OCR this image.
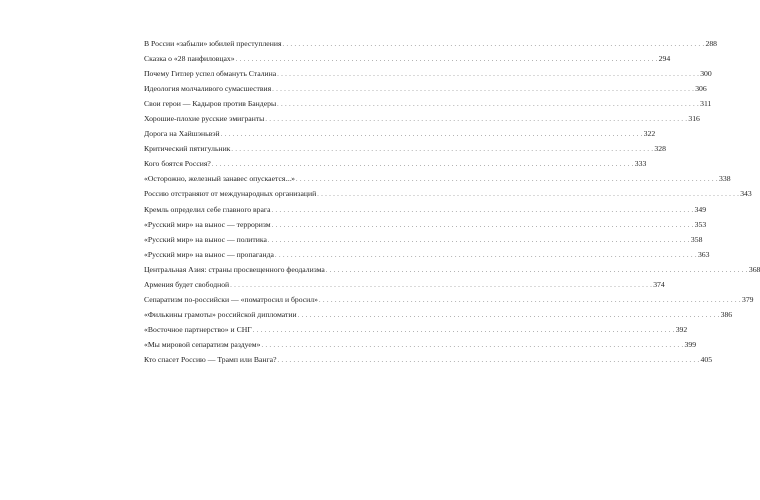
В России «забыли» юбилей преступления . . . . . . . . . . . . . . . . . . . . . . . . . . . . . . . . . . . . . . . . . . . . . . . . . . . . . . . . . . . . . . . . . . . . . . . . . . . . . . . . . . . . . . . . . . . . . . . . . . . . . . . . . . 288
Сказка о «28 панфиловцах» . . . . . . . . . . . . . . . . . . . . . . . . . . . . . . . . . . . . . . . . . . . . . . . . . . . . . . . . . . . . . . . . . . . . . . . . . . . . . . . . . . . . . . . . . . . . . . . . . . . . . . . . . . 294
Почему Гитлер успел обмануть Сталина . . . . . . . . . . . . . . . . . . . . . . . . . . . . . . . . . . . . . . . . . . . . . . . . . . . . . . . . . . . . . . . . . . . . . . . . . . . . . . . . . . . . . . . . . . . . . . . . . . . . . . . . . . 300
Идеология молчаливого сумасшествия . . . . . . . . . . . . . . . . . . . . . . . . . . . . . . . . . . . . . . . . . . . . . . . . . . . . . . . . . . . . . . . . . . . . . . . . . . . . . . . . . . . . . . . . . . . . . . . . . . . . . . . . . . 306
Свои герои — Кадыров против Бандеры . . . . . . . . . . . . . . . . . . . . . . . . . . . . . . . . . . . . . . . . . . . . . . . . . . . . . . . . . . . . . . . . . . . . . . . . . . . . . . . . . . . . . . . . . . . . . . . . . . . . . . . . . . 311
Хорошие-плохие русские эмигранты . . . . . . . . . . . . . . . . . . . . . . . . . . . . . . . . . . . . . . . . . . . . . . . . . . . . . . . . . . . . . . . . . . . . . . . . . . . . . . . . . . . . . . . . . . . . . . . . . . . . . . . . . . 316
Дорога на Хайшэньвэй . . . . . . . . . . . . . . . . . . . . . . . . . . . . . . . . . . . . . . . . . . . . . . . . . . . . . . . . . . . . . . . . . . . . . . . . . . . . . . . . . . . . . . . . . . . . . . . . . . . . . . . . . . 322
Критический пятигульник . . . . . . . . . . . . . . . . . . . . . . . . . . . . . . . . . . . . . . . . . . . . . . . . . . . . . . . . . . . . . . . . . . . . . . . . . . . . . . . . . . . . . . . . . . . . . . . . . . . . . . . . . . 328
Кого боятся Россия? . . . . . . . . . . . . . . . . . . . . . . . . . . . . . . . . . . . . . . . . . . . . . . . . . . . . . . . . . . . . . . . . . . . . . . . . . . . . . . . . . . . . . . . . . . . . . . . . . . . . . . . . . . 333
«Осторожно, железный занавес опускается...» . . . . . . . . . . . . . . . . . . . . . . . . . . . . . . . . . . . . . . . . . . . . . . . . . . . . . . . . . . . . . . . . . . . . . . . . . . . . . . . . . . . . . . . . . . . . . . . . . . . . . . . . . . 338
Россию отстраняют от международных организаций . . . . . . . . . . . . . . . . . . . . . . . . . . . . . . . . . . . . . . . . . . . . . . . . . . . . . . . . . . . . . . . . . . . . . . . . . . . . . . . . . . . . . . . . . . . . . . . . . . . . . . . . . . 343
Кремль определил себе главного врага . . . . . . . . . . . . . . . . . . . . . . . . . . . . . . . . . . . . . . . . . . . . . . . . . . . . . . . . . . . . . . . . . . . . . . . . . . . . . . . . . . . . . . . . . . . . . . . . . . . . . . . . . . 349
«Русский мир» на вынос — терроризм . . . . . . . . . . . . . . . . . . . . . . . . . . . . . . . . . . . . . . . . . . . . . . . . . . . . . . . . . . . . . . . . . . . . . . . . . . . . . . . . . . . . . . . . . . . . . . . . . . . . . . . . . . 353
«Русский мир» на вынос — политика . . . . . . . . . . . . . . . . . . . . . . . . . . . . . . . . . . . . . . . . . . . . . . . . . . . . . . . . . . . . . . . . . . . . . . . . . . . . . . . . . . . . . . . . . . . . . . . . . . . . . . . . . . 358
«Русский мир» на вынос — пропаганда . . . . . . . . . . . . . . . . . . . . . . . . . . . . . . . . . . . . . . . . . . . . . . . . . . . . . . . . . . . . . . . . . . . . . . . . . . . . . . . . . . . . . . . . . . . . . . . . . . . . . . . . . . 363
Центральная Азия: страны просвещенного феодализма . . . . . . . . . . . . . . . . . . . . . . . . . . . . . . . . . . . . . . . . . . . . . . . . . . . . . . . . . . . . . . . . . . . . . . . . . . . . . . . . . . . . . . . . . . . . . . . . . . . . . . . . . . 368
Армения будет свободной . . . . . . . . . . . . . . . . . . . . . . . . . . . . . . . . . . . . . . . . . . . . . . . . . . . . . . . . . . . . . . . . . . . . . . . . . . . . . . . . . . . . . . . . . . . . . . . . . . . . . . . . . . 374
Сепаратизм по-российски — «поматросил и бросил» . . . . . . . . . . . . . . . . . . . . . . . . . . . . . . . . . . . . . . . . . . . . . . . . . . . . . . . . . . . . . . . . . . . . . . . . . . . . . . . . . . . . . . . . . . . . . . . . . . . . . . . . . . 379
«Филькины грамоты» российской дипломатии . . . . . . . . . . . . . . . . . . . . . . . . . . . . . . . . . . . . . . . . . . . . . . . . . . . . . . . . . . . . . . . . . . . . . . . . . . . . . . . . . . . . . . . . . . . . . . . . . . . . . . . . . . 386
«Восточное партнерство» и СНГ . . . . . . . . . . . . . . . . . . . . . . . . . . . . . . . . . . . . . . . . . . . . . . . . . . . . . . . . . . . . . . . . . . . . . . . . . . . . . . . . . . . . . . . . . . . . . . . . . . . . . . . . . . 392
«Мы мировой сепаратизм раздуем» . . . . . . . . . . . . . . . . . . . . . . . . . . . . . . . . . . . . . . . . . . . . . . . . . . . . . . . . . . . . . . . . . . . . . . . . . . . . . . . . . . . . . . . . . . . . . . . . . . . . . . . . . . 399
Кто спасет Россию — Трамп или Ванга? . . . . . . . . . . . . . . . . . . . . . . . . . . . . . . . . . . . . . . . . . . . . . . . . . . . . . . . . . . . . . . . . . . . . . . . . . . . . . . . . . . . . . . . . . . . . . . . . . . . . . . . . . . 405
